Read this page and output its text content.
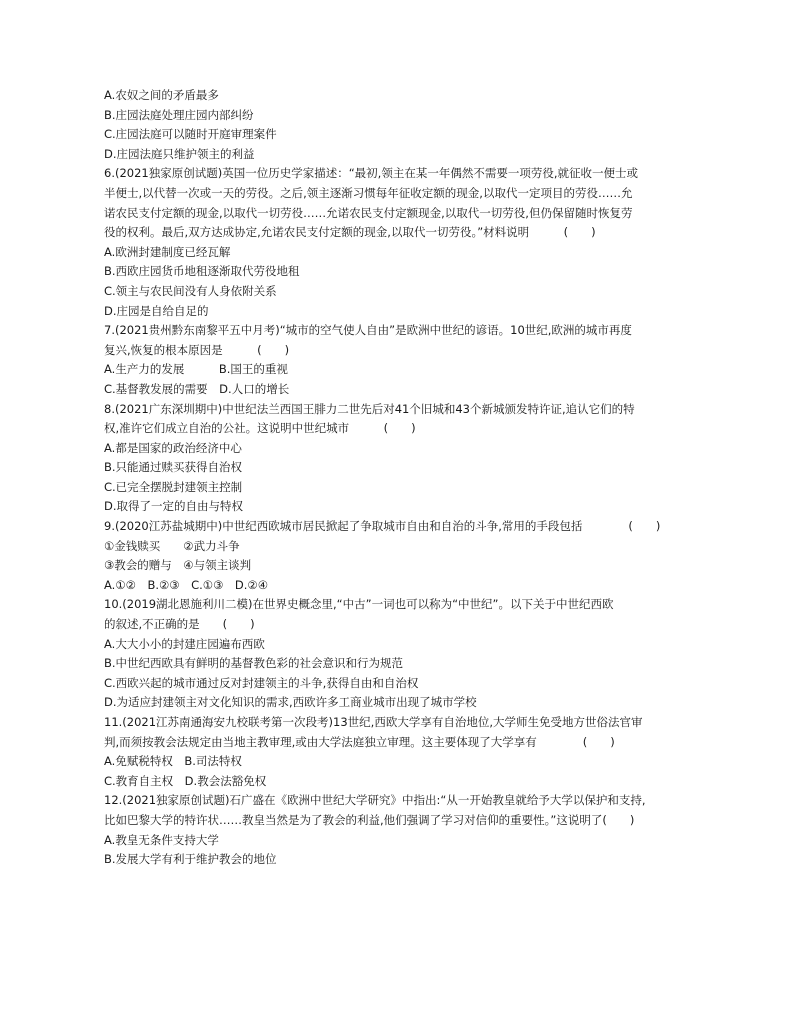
A.农奴之间的矛盾最多
B.庄园法庭处理庄园内部纠纷
C.庄园法庭可以随时开庭审理案件
D.庄园法庭只维护领主的利益
6.(2021独家原创试题)英国一位历史学家描述：“最初,领主在某一年偶然不需要一项劳役,就征收一便士或
半便士,以代替一次或一天的劳役。之后,领主逐渐习惯每年征收定额的现金,以取代一定项目的劳役……允
诺农民支付定额的现金,以取代一切劳役……允诺农民支付定额现金,以取代一切劳役,但仍保留随时恢复劳
役的权利。最后,双方达成协定,允诺农民支付定额的现金,以取代一切劳役。”材料说明　　　(　　)
A.欧洲封建制度已经瓦解
B.西欧庄园货币地租逐渐取代劳役地租
C.领主与农民间没有人身依附关系
D.庄园是自给自足的
7.(2021贵州黔东南黎平五中月考)“城市的空气使人自由”是欧洲中世纪的谚语。10世纪,欧洲的城市再度
复兴,恢复的根本原因是　　　(　　)
A.生产力的发展　　　B.国王的重视
C.基督教发展的需要　D.人口的增长
8.(2021广东深圳期中)中世纪法兰西国王腓力二世先后对41个旧城和43个新城颁发特许证,追认它们的特
权,准许它们成立自治的公社。这说明中世纪城市　　　(　　)
A.都是国家的政治经济中心
B.只能通过赎买获得自治权
C.已完全摆脱封建领主控制
D.取得了一定的自由与特权
9.(2020江苏盐城期中)中世纪西欧城市居民掀起了争取城市自由和自治的斗争,常用的手段包括　　　　(　　)
①金钱赎买　　②武力斗争
③教会的赠与　④与领主谈判
A.①②　B.②③　C.①③　D.②④
10.(2019湖北恩施利川二模)在世界史概念里,“中古”一词也可以称为“中世纪”。以下关于中世纪西欧
的叙述,不正确的是　　(　　)
A.大大小小的封建庄园遍布西欧
B.中世纪西欧具有鲜明的基督教色彩的社会意识和行为规范
C.西欧兴起的城市通过反对封建领主的斗争,获得自由和自治权
D.为适应封建领主对文化知识的需求,西欧许多工商业城市出现了城市学校
11.(2021江苏南通海安九校联考第一次段考)13世纪,西欧大学享有自治地位,大学师生免受地方世俗法官审
判,而须按教会法规定由当地主教审理,或由大学法庭独立审理。这主要体现了大学享有　　　　(　　)
A.免赋税特权　B.司法特权
C.教育自主权　D.教会法豁免权
12.(2021独家原创试题)石广盛在《欧洲中世纪大学研究》中指出:“从一开始教皇就给予大学以保护和支持,
比如巴黎大学的特许状……教皇当然是为了教会的利益,他们强调了学习对信仰的重要性。”这说明了(　　)
A.教皇无条件支持大学
B.发展大学有利于维护教会的地位
